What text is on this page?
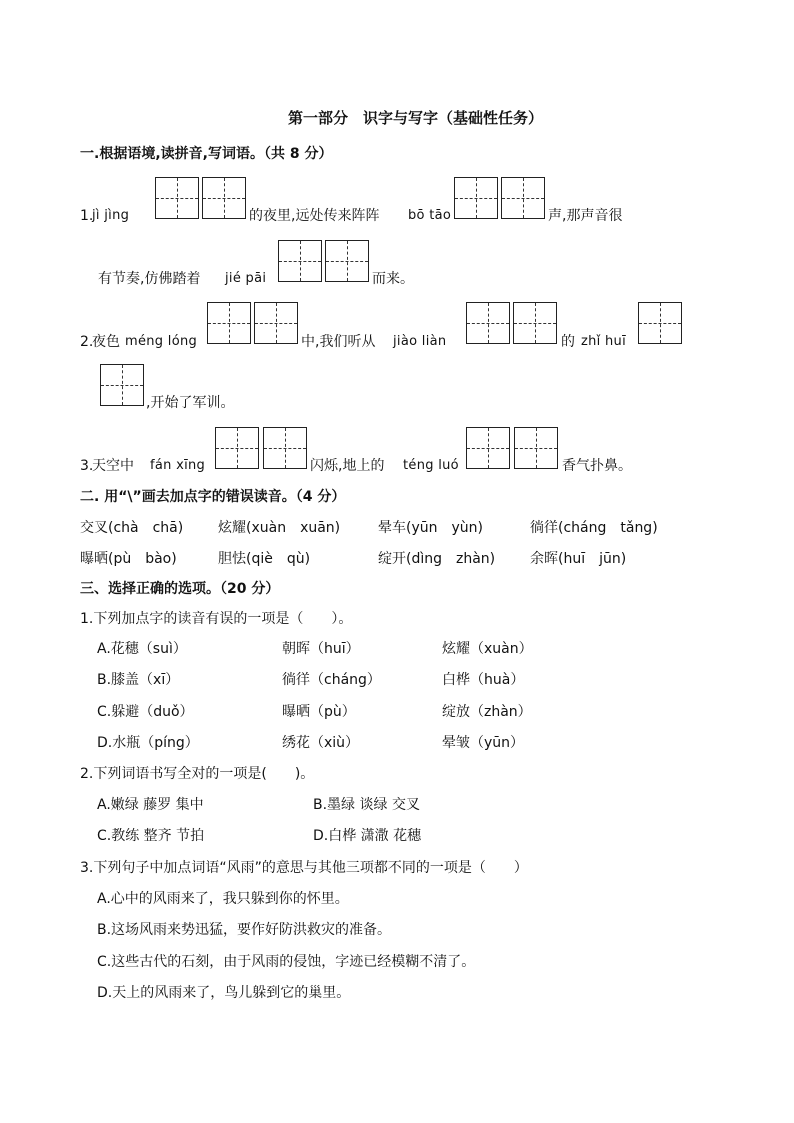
第一部分　识字与写字（基础性任务）
一.根据语境,读拼音,写词语。（共 8 分）
1.
jì jìng	的夜里,远处传来阵阵 bō tāo	声,那声音很
有节奏,仿佛踏着 jié pāi	而来。
2.
夜色 méng lóng	中,我们听从 jiào liàn	的 zhǐ huī
,开始了军训。
3.
天空中 fán xīng	闪烁,地上的 téng luó	香气扑鼻。
二. 用“\”画去加点字的错误读音。（4 分）
交叉(chà　chā) 炫耀(xuàn　xuān)	晕车(yūn　yùn)	徜徉(cháng　tǎng)
曝晒(pù　bào)	胆怯(qiè　qù)	绽开(dìng　zhàn) 余晖(huī　jūn)
三、选择正确的选项。（20 分）
1.下列加点字的读音有误的一项是（　　）。
A.花穗（suì）	朝晖（huī）	炫耀（xuàn）
B.膝盖（xī）	徜徉（cháng）	白桦（huà）
C.躲避（duǒ）	曝晒（pù）	绽放（zhàn）
D.水瓶（píng）	绣花（xiù）	晕皱（yūn）
2.下列词语书写全对的一项是(　　)。
A.嫩绿 藤罗 集中	B.墨绿 谈绿 交叉
C.教练 整齐 节拍	D.白桦 潇潵 花穗
3.下列句子中加点词语“风雨”的意思与其他三项都不同的一项是（　　）
A.心中的风雨来了，我只躲到你的怀里。
B.这场风雨来势迅猛，要作好防洪救灾的准备。
C.这些古代的石刻，由于风雨的侵蚀，字迹已经模糊不清了。
D.天上的风雨来了，鸟儿躲到它的巢里。
